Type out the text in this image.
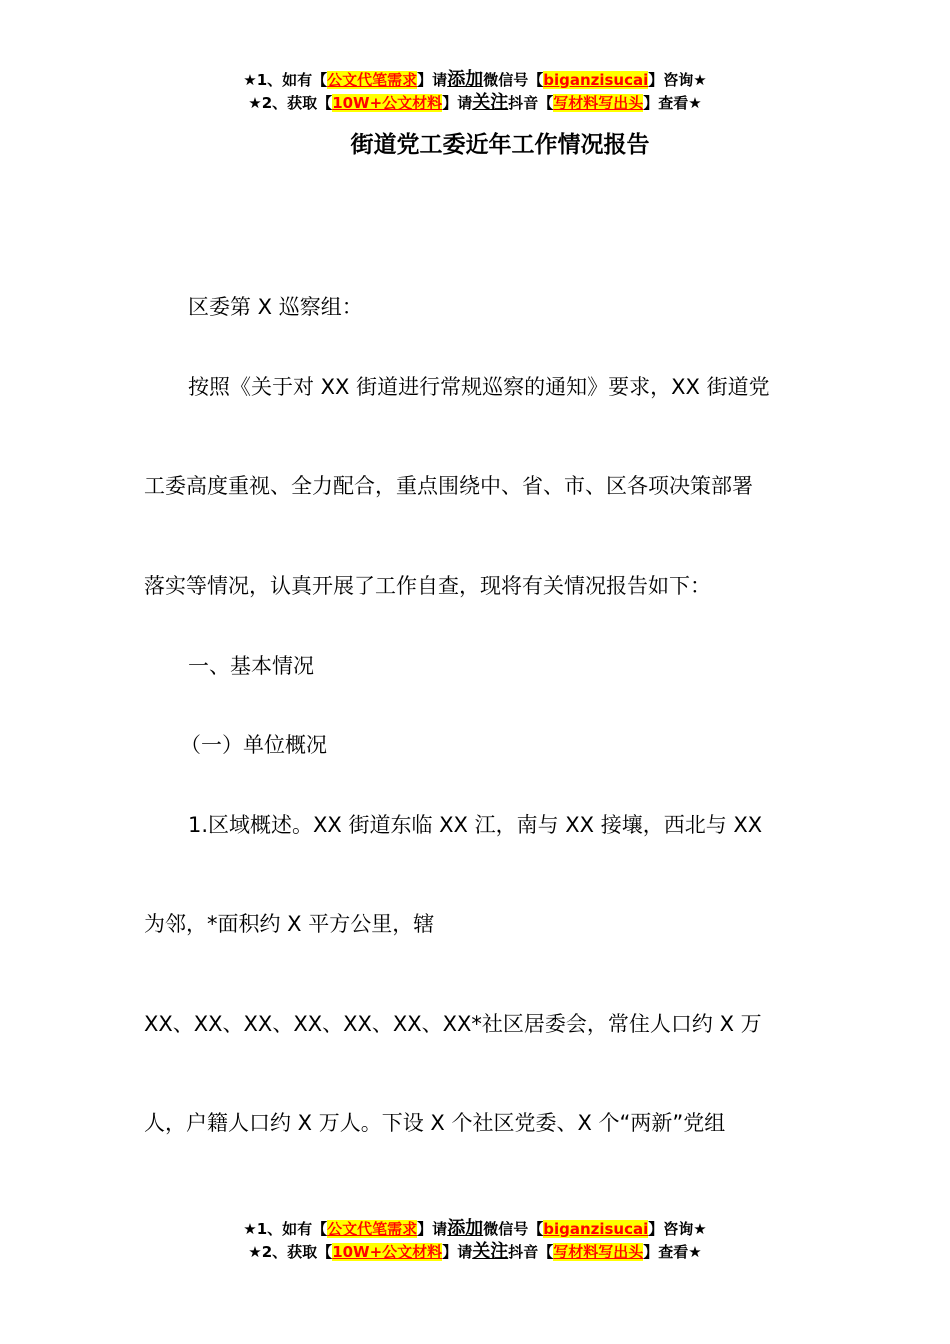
★1、如有【公文代笔需求】请添加微信号【biganzisucai】咨询★
★2、获取【10W+公文材料】请关注抖音【写材料写出头】查看★
街道党工委近年工作情况报告
区委第 X 巡察组：
按照《关于对 XX 街道进行常规巡察的通知》要求，XX 街道党
工委高度重视、全力配合，重点围绕中、省、市、区各项决策部署
落实等情况，认真开展了工作自查，现将有关情况报告如下：
一、基本情况
（一）单位概况
1.区域概述。XX 街道东临 XX 江，南与 XX 接壤，西北与 XX
为邻，*面积约 X 平方公里，辖
XX、XX、XX、XX、XX、XX、XX*社区居委会，常住人口约 X 万
人，户籍人口约 X 万人。下设 X 个社区党委、X 个“两新”党组
★1、如有【公文代笔需求】请添加微信号【biganzisucai】咨询★
★2、获取【10W+公文材料】请关注抖音【写材料写出头】查看★
